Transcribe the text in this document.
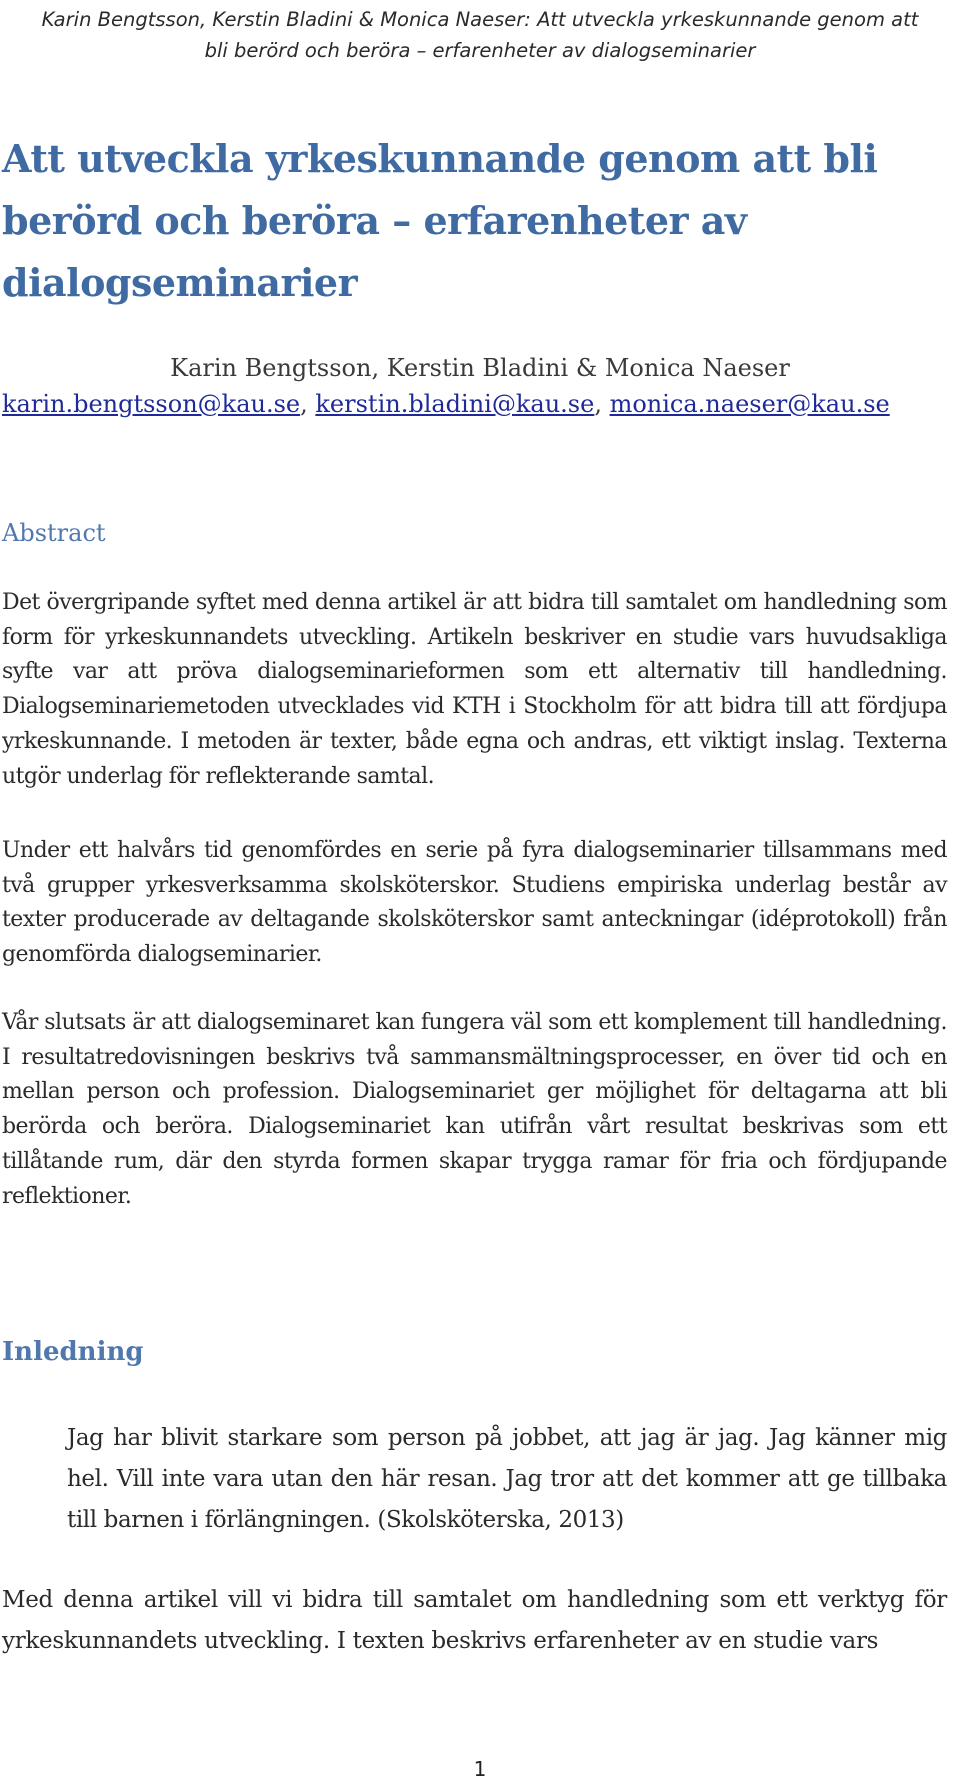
Karin Bengtsson, Kerstin Bladini & Monica Naeser: Att utveckla yrkeskunnande genom att
bli berörd och beröra – erfarenheter av dialogseminarier
Att utveckla yrkeskunnande genom att bli berörd och beröra – erfarenheter av dialogseminarier
Karin Bengtsson, Kerstin Bladini & Monica Naeser
karin.bengtsson@kau.se, kerstin.bladini@kau.se, monica.naeser@kau.se
Abstract

Det övergripande syftet med denna artikel är att bidra till samtalet om handledning som form för yrkeskunnandets utveckling. Artikeln beskriver en studie vars huvudsakliga syfte var att pröva dialogseminarieformen som ett alternativ till handledning. Dialogseminariemetoden utvecklades vid KTH i Stockholm för att bidra till att fördjupa yrkeskunnande. I metoden är texter, både egna och andras, ett viktigt inslag. Texterna utgör underlag för reflekterande samtal.

Under ett halvårs tid genomfördes en serie på fyra dialogseminarier tillsammans med två grupper yrkesverksamma skolsköterskor. Studiens empiriska underlag består av texter producerade av deltagande skolsköterskor samt anteckningar (idéprotokoll) från genomförda dialogseminarier.

Vår slutsats är att dialogseminaret kan fungera väl som ett komplement till handledning. I resultatredovisningen beskrivs två sammansmältningsprocesser, en över tid och en mellan person och profession. Dialogseminariet ger möjlighet för deltagarna att bli berörda och beröra. Dialogseminariet kan utifrån vårt resultat beskrivas som ett tillåtande rum, där den styrda formen skapar trygga ramar för fria och fördjupande reflektioner.

Inledning
Jag har blivit starkare som person på jobbet, att jag är jag. Jag känner mig hel. Vill inte vara utan den här resan. Jag tror att det kommer att ge tillbaka till barnen i förlängningen. (Skolsköterska, 2013)

Med denna artikel vill vi bidra till samtalet om handledning som ett verktyg för yrkeskunnandets utveckling. I texten beskrivs erfarenheter av en studie vars

1
